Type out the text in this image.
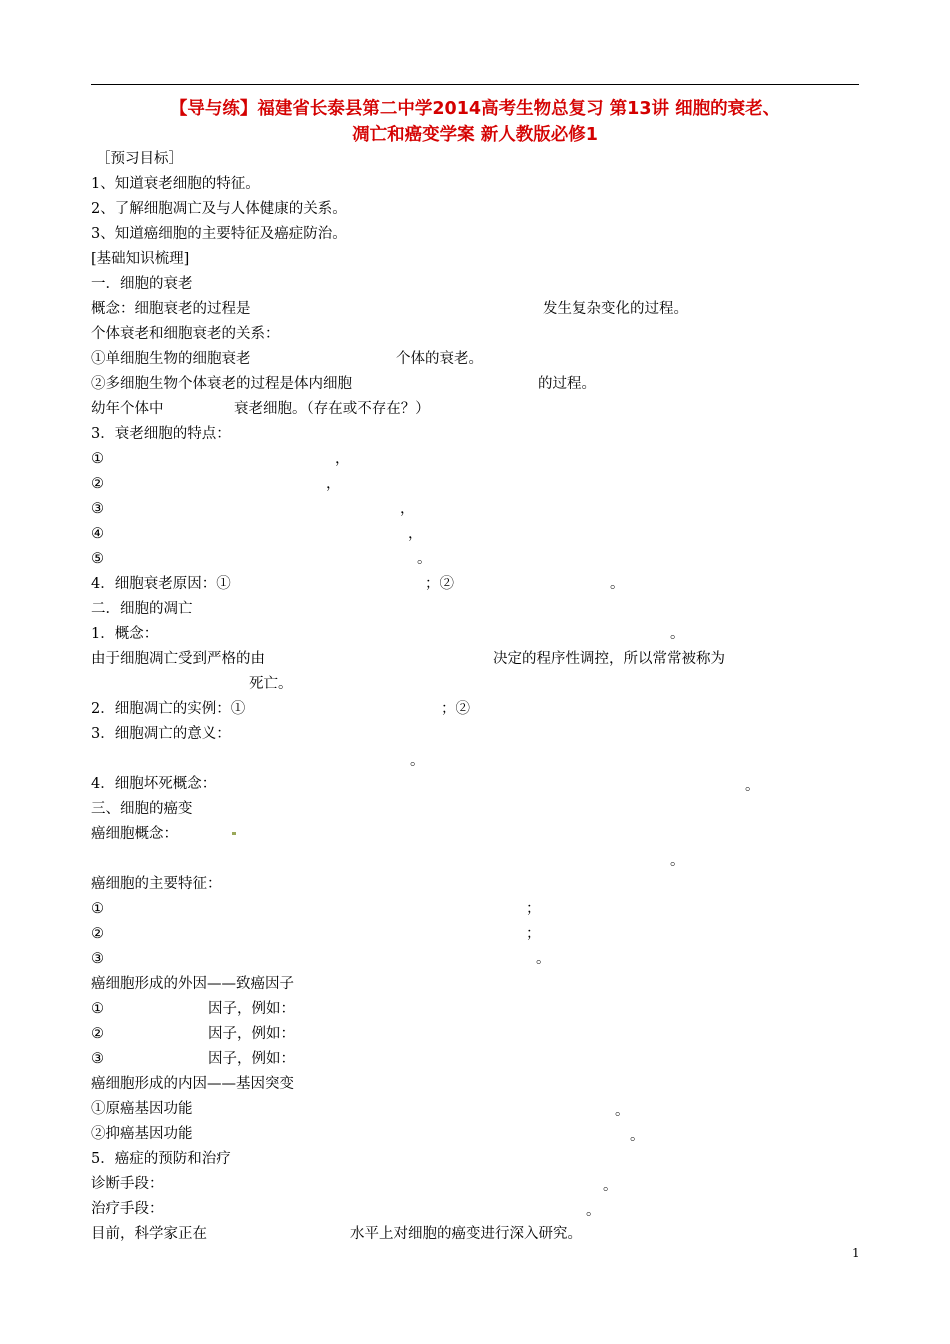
【导与练】福建省长泰县第二中学2014高考生物总复习 第13讲 细胞的衰老、
凋亡和癌变学案 新人教版必修1
［预习目标］
1、知道衰老细胞的特征。
2、了解细胞凋亡及与人体健康的关系。
3、知道癌细胞的主要特征及癌症防治。
[基础知识梳理]
一．细胞的衰老
概念：细胞衰老的过程是	发生复杂变化的过程。
个体衰老和细胞衰老的关系：
①单细胞生物的细胞衰老	个体的衰老。
②多细胞生物个体衰老的过程是体内细胞	的过程。
幼年个体中	衰老细胞。（存在或不存在？）
3．衰老细胞的特点：
①	，
②	，
③	，
④	，
⑤	。
4．细胞衰老原因：①	；②	。
二．细胞的凋亡
1．概念：	。
由于细胞凋亡受到严格的由	决定的程序性调控，所以常常被称为
死亡。
2．细胞凋亡的实例：①	；②
3．细胞凋亡的意义：
。
4．细胞坏死概念：	。
三、细胞的癌变
癌细胞概念：
。
癌细胞的主要特征：
①	；
②	；
③	。
癌细胞形成的外因——致癌因子
①	因子，例如：
②	因子，例如：
③	因子，例如：
癌细胞形成的内因——基因突变
①原癌基因功能	。
②抑癌基因功能	。
5．癌症的预防和治疗
诊断手段：	。
治疗手段：	。
目前，科学家正在	水平上对细胞的癌变进行深入研究。
1
